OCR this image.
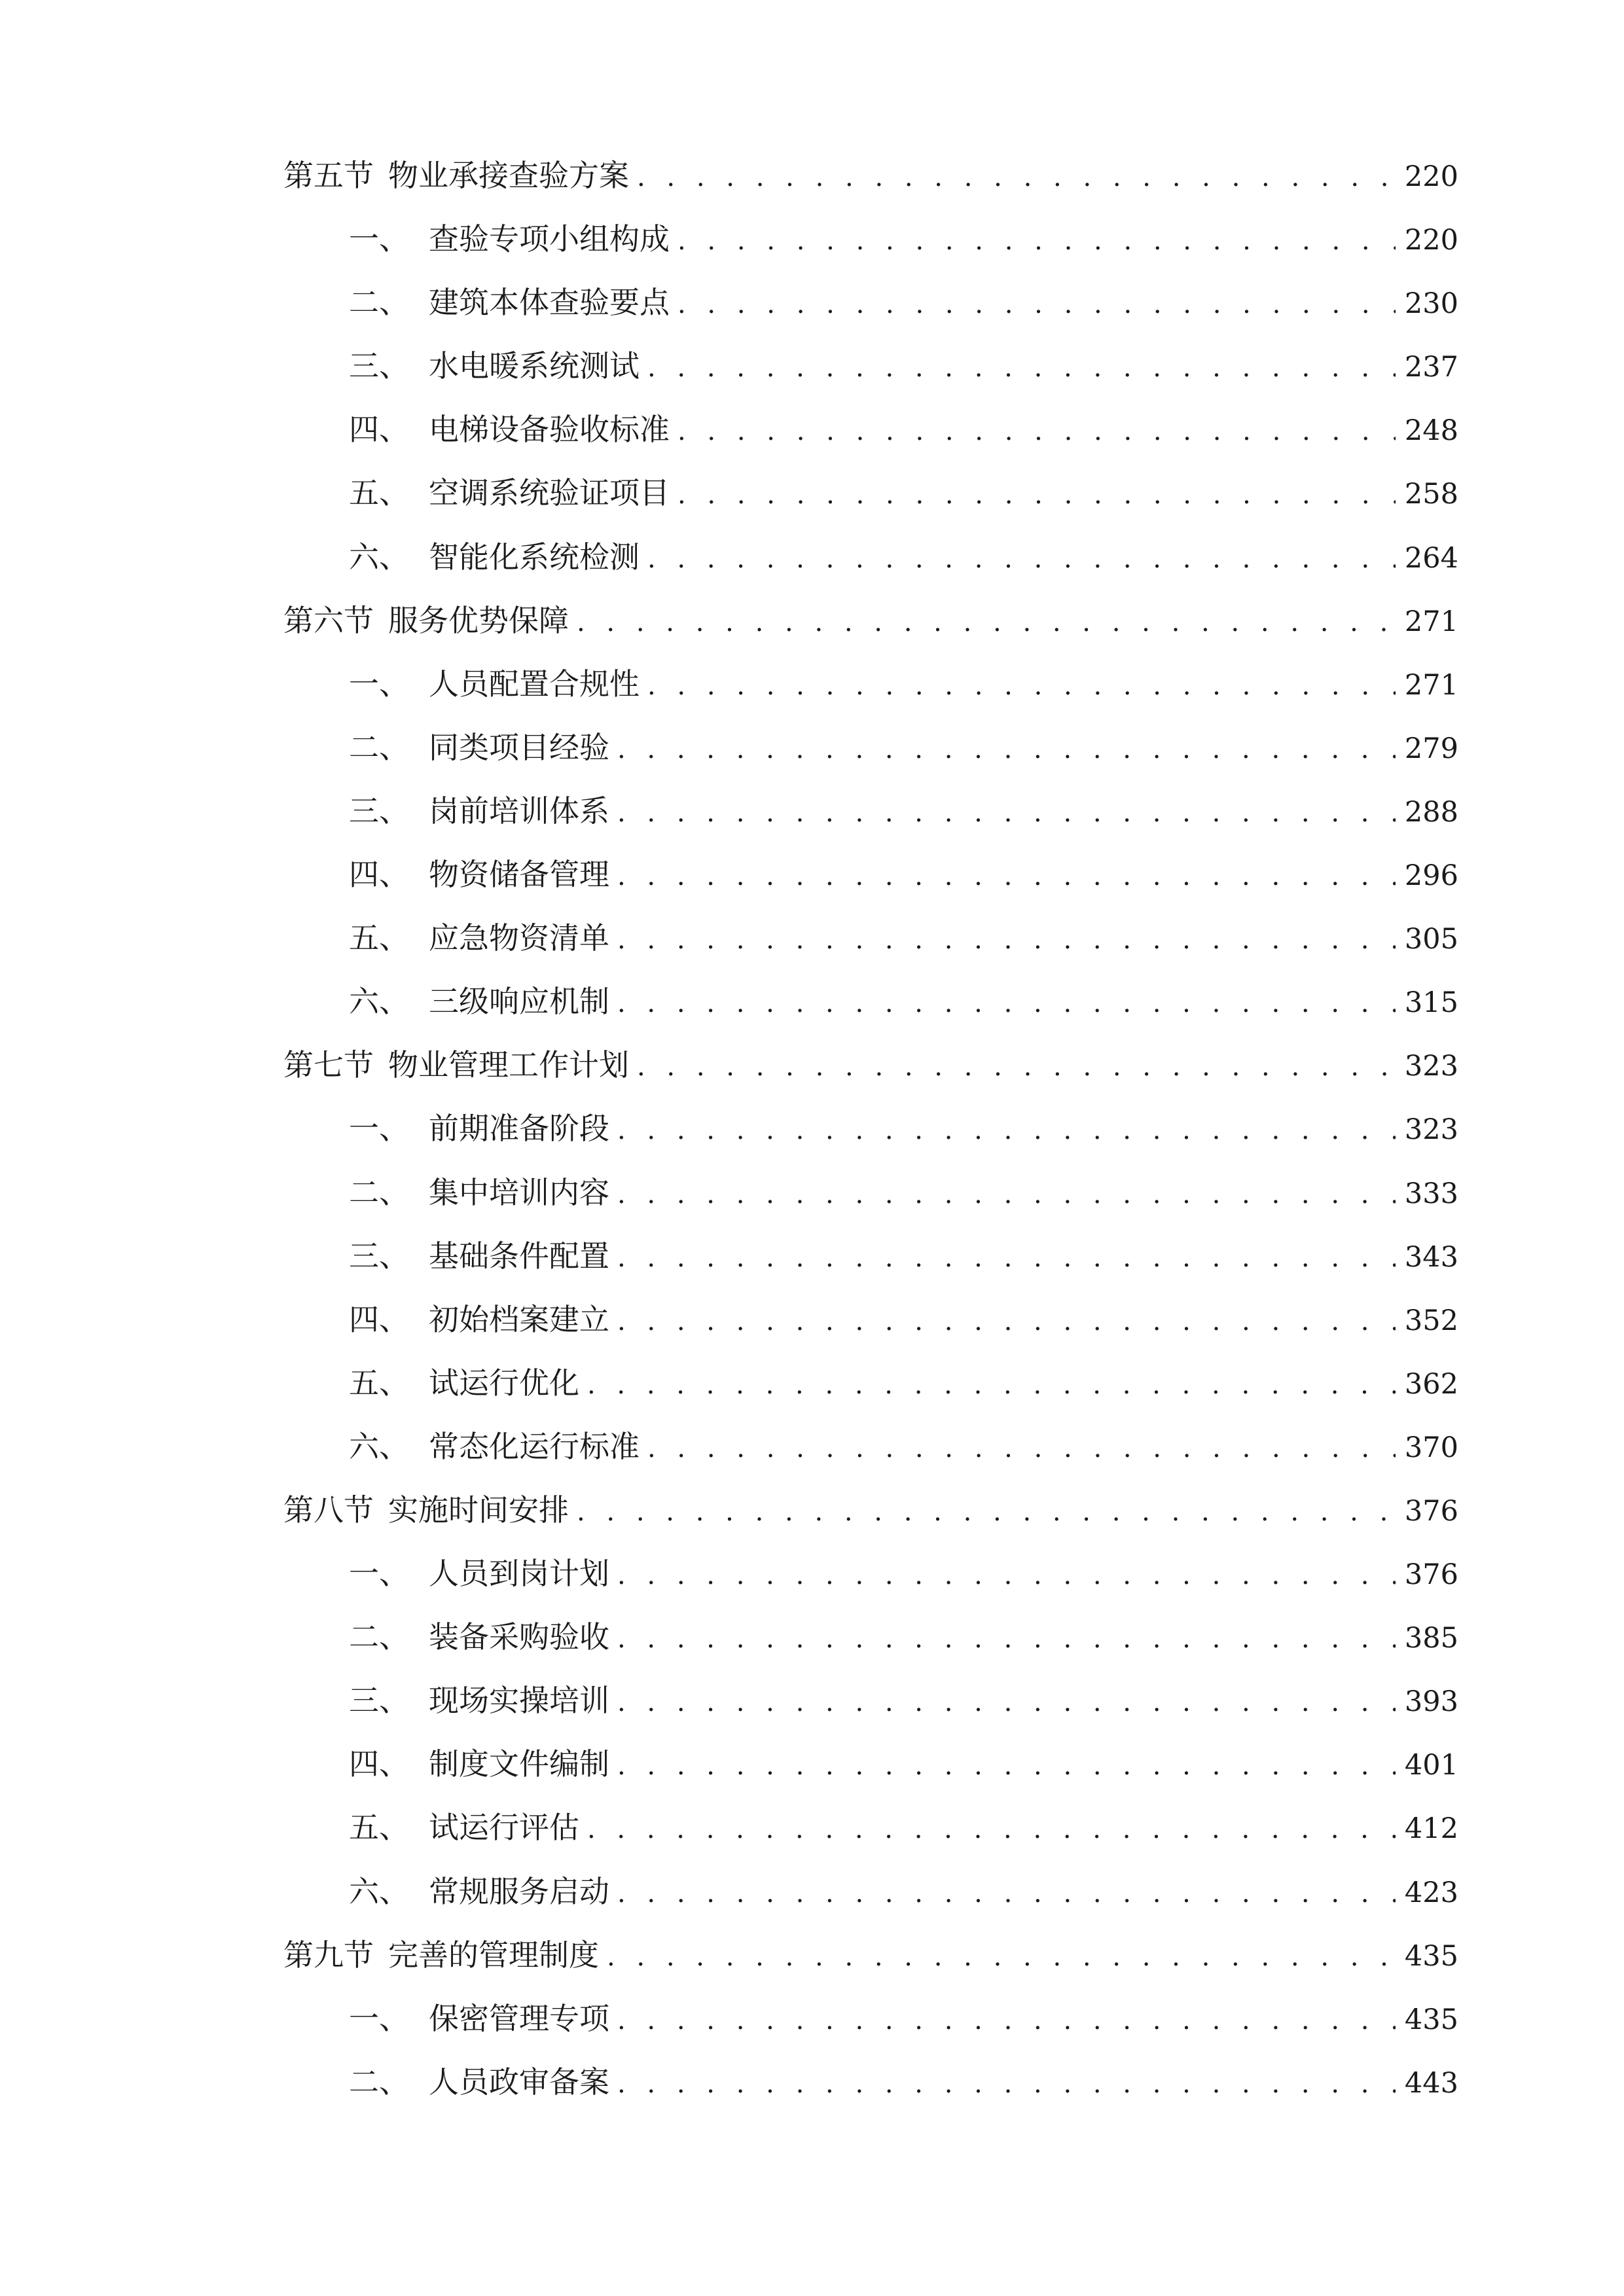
第五节 物业承接查验方案 . . .	220
一、 查验专项小组构成 . . .	220
二、 建筑本体查验要点 . . .	230
三、 水电暖系统测试 . . .	237
四、 电梯设备验收标准 . . .	248
五、 空调系统验证项目 . . .	258
六、 智能化系统检测 . . .	264
第六节 服务优势保障 . . .	271
一、 人员配置合规性 . . .	271
二、 同类项目经验 . . .	279
三、 岗前培训体系 . . .	288
四、 物资储备管理 . . .	296
五、 应急物资清单 . . .	305
六、 三级响应机制 . . .	315
第七节 物业管理工作计划 . . .	323
一、 前期准备阶段 . . .	323
二、 集中培训内容 . . .	333
三、 基础条件配置 . . .	343
四、 初始档案建立 . . .	352
五、 试运行优化 . . .	362
六、 常态化运行标准 . . .	370
第八节 实施时间安排 . . .	376
一、 人员到岗计划 . . .	376
二、 装备采购验收 . . .	385
三、 现场实操培训 . . .	393
四、 制度文件编制 . . .	401
五、 试运行评估 . . .	412
六、 常规服务启动 . . .	423
第九节 完善的管理制度 . . .	435
一、 保密管理专项 . . .	435
二、 人员政审备案 . . .	443
